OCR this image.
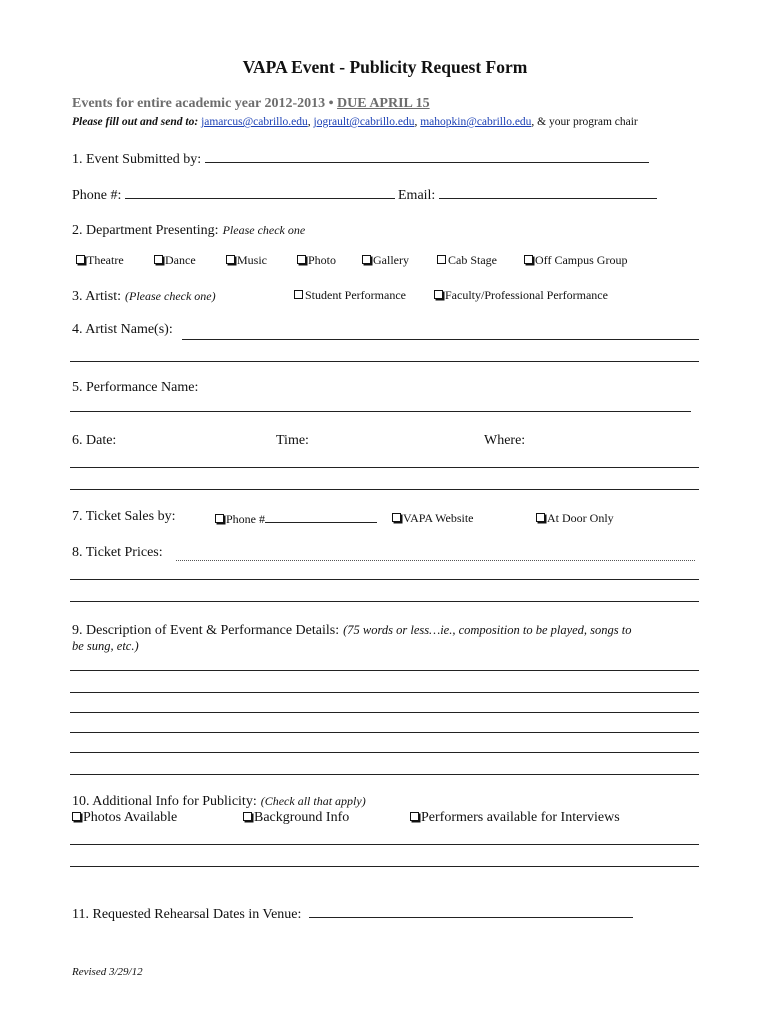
VAPA Event - Publicity Request Form
Events for entire academic year 2012-2013 • DUE APRIL 15
Please fill out and send to: jamarcus@cabrillo.edu, jograult@cabrillo.edu, mahopkin@cabrillo.edu, & your program chair
1. Event Submitted by:
Phone #:	Email:
2. Department Presenting: Please check one
Theatre	Dance	Music	Photo	Gallery	Cab Stage	Off Campus Group
3. Artist: (Please check one)	Student Performance	Faculty/Professional Performance
4. Artist Name(s):
5. Performance Name:
6. Date:	Time:	Where:
7. Ticket Sales by:	Phone #	VAPA Website	At Door Only
8. Ticket Prices:
9. Description of Event & Performance Details: (75 words or less…ie., composition to be played, songs to
be sung, etc.)
10. Additional Info for Publicity: (Check all that apply)
Photos Available	Background Info	Performers available for Interviews
11. Requested Rehearsal Dates in Venue:
Revised 3/29/12
